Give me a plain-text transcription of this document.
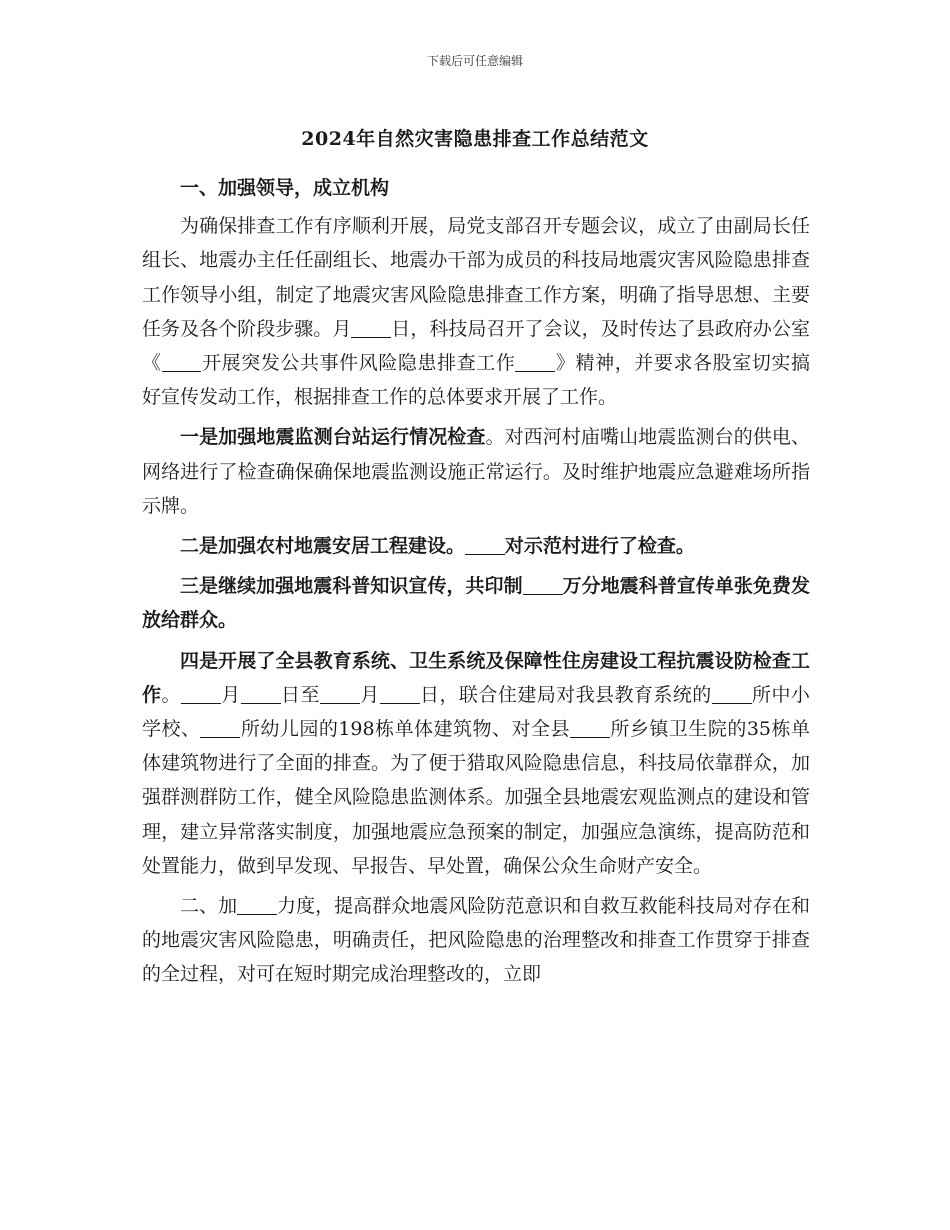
下载后可任意编辑
2024年自然灾害隐患排查工作总结范文
一、加强领导，成立机构
为确保排查工作有序顺利开展，局党支部召开专题会议，成立了由副局长任组长、地震办主任任副组长、地震办干部为成员的科技局地震灾害风险隐患排查工作领导小组，制定了地震灾害风险隐患排查工作方案，明确了指导思想、主要任务及各个阶段步骤。月 日，科技局召开了会议，及时传达了县政府办公室《 开展突发公共事件风险隐患排查工作 》精神，并要求各股室切实搞好宣传发动工作，根据排查工作的总体要求开展了工作。
一是加强地震监测台站运行情况检查。对西河村庙嘴山地震监测台的供电、网络进行了检查确保确保地震监测设施正常运行。及时维护地震应急避难场所指示牌。
二是加强农村地震安居工程建设。 对示范村进行了检查。
三是继续加强地震科普知识宣传，共印制 万分地震科普宣传单张免费发放给群众。
四是开展了全县教育系统、卫生系统及保障性住房建设工程抗震设防检查工作。 月 日至 月 日，联合住建局对我县教育系统的 所中小学校、 所幼儿园的198栋单体建筑物、对全县 所乡镇卫生院的35栋单体建筑物进行了全面的排查。为了便于猎取风险隐患信息，科技局依靠群众，加强群测群防工作，健全风险隐患监测体系。加强全县地震宏观监测点的建设和管理，建立异常落实制度，加强地震应急预案的制定，加强应急演练，提高防范和处置能力，做到早发现、早报告、早处置，确保公众生命财产安全。
二、加 力度，提高群众地震风险防范意识和自救互救能科技局对存在和的地震灾害风险隐患，明确责任，把风险隐患的治理整改和排查工作贯穿于排查的全过程，对可在短时期完成治理整改的，立即
